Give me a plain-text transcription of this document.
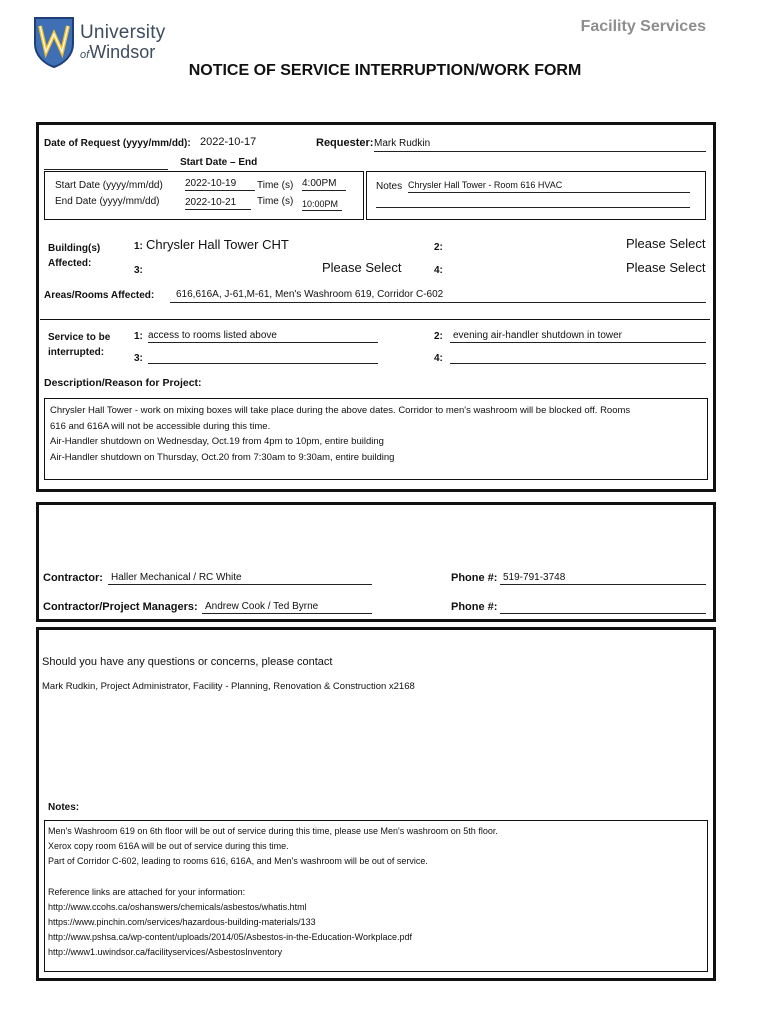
University
ofWindsor
Facility Services
NOTICE OF SERVICE INTERRUPTION/WORK FORM
Date of Request (yyyy/mm/dd): 2022-10-17	Requester: Mark Rudkin
Start Date – End
Start Date (yyyy/mm/dd) 2022-10-19	Time (s) 4:00PM
End Date (yyyy/mm/dd)	2022-10-21	Time (s) 10:00PM
Notes Chrysler Hall Tower - Room 616 HVAC
Building(s)
Affected:
1: Chrysler Hall Tower CHT	2:	Please Select
3:	Please Select	4:	Please Select
Areas/Rooms Affected:	616,616A, J-61,M-61, Men's Washroom 619, Corridor C-602
Service to be
interrupted:
1: access to rooms listed above	2:	evening air-handler shutdown in tower
3:	4:
Description/Reason for Project:
Chrysler Hall Tower - work on mixing boxes will take place during the above dates. Corridor to men's washroom will be blocked off. Rooms
616 and 616A will not be accessible during this time.
Air-Handler shutdown on Wednesday, Oct.19 from 4pm to 10pm, entire building
Air-Handler shutdown on Thursday, Oct.20 from 7:30am to 9:30am, entire building
Contractor: Haller Mechanical / RC White	Phone #: 519-791-3748
Contractor/Project Managers: Andrew Cook / Ted Byrne	Phone #:
Should you have any questions or concerns, please contact
Mark Rudkin, Project Administrator, Facility - Planning, Renovation & Construction x2168
Notes:
Men's Washroom 619 on 6th floor will be out of service during this time, please use Men's washroom on 5th floor.
Xerox copy room 616A will be out of service during this time.
Part of Corridor C-602, leading to rooms 616, 616A, and Men's washroom will be out of service.
Reference links are attached for your information:
http://www.ccohs.ca/oshanswers/chemicals/asbestos/whatis.html
https://www.pinchin.com/services/hazardous-building-materials/133
http://www.pshsa.ca/wp-content/uploads/2014/05/Asbestos-in-the-Education-Workplace.pdf
http://www1.uwindsor.ca/facilityservices/AsbestosInventory
